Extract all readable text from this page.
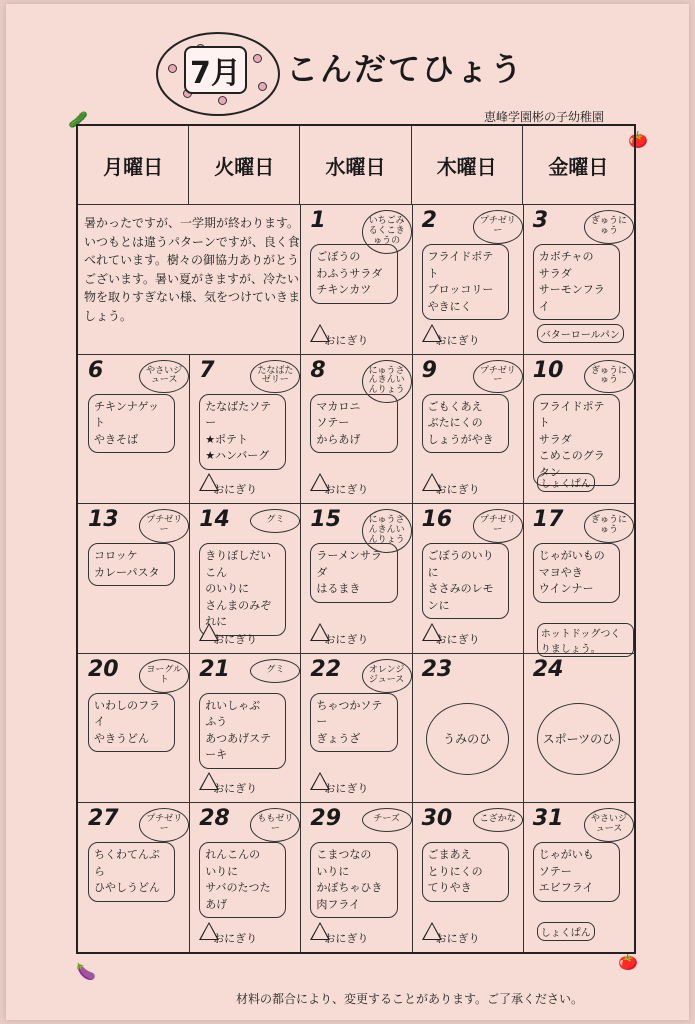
7月 こんだてひょう
恵峰学園彬の子幼稚園
🥒
🍅
🍆
🍅
月曜日	火曜日	水曜日	木曜日	金曜日
1	いちごみるくこきゅうの
ごぼうの
わふうサラダ
チキンカツ
おにぎり
2	プチゼリー
フライドポテト
ブロッコリー
やきにく
おにぎり
3	ぎゅうにゅう
カボチャの
サラダ
サーモンフライ
バターロールパン
6	やさいジュース
チキンナゲット
やきそば
7	たなばたゼリー
たなばたソテー
★ポテト
★ハンバーグ
おにぎり
8	にゅうさんきんいんりょう
マカロニ
ソテー
からあげ
おにぎり
9	プチゼリー
ごもくあえ
ぶたにくの
しょうがやき
おにぎり
10	ぎゅうにゅう
フライドポテト
サラダ
こめこのグラタン
しょくぱん
13	プチゼリー
コロッケ
カレーパスタ
14	グミ
きりぼしだいこん
のいりに
さんまのみぞれに
おにぎり
15	にゅうさんきんいんりょう
ラーメンサラダ
はるまき
おにぎり
16	プチゼリー
ごぼうのいりに
ささみのレモンに
おにぎり
17	ぎゅうにゅう
じゃがいもの
マヨやき
ウインナー
ホットドッグつくりましょう。
20	ヨーグルト
いわしのフライ
やきうどん
21	グミ
れいしゃぶ
ふう
あつあげステーキ
おにぎり
22	オレンジジュース
ちゃつかソテー
ぎょうざ
おにぎり
23
うみのひ
24
スポーツのひ
27	プチゼリー
ちくわてんぷら
ひやしうどん
28	ももゼリー
れんこんの
いりに
サバのたつたあげ
おにぎり
29	チーズ
こまつなの
いりに
かぼちゃひき肉フライ
おにぎり
30	こざかな
ごまあえ
とりにくの
てりやき
おにぎり
31	やさいジュース
じゃがいも
ソテー
エビフライ
しょくぱん
暑かったですが、一学期が終わります。いつもとは違うパターンですが、良く食べれています。樹々の御協力ありがとうございます。暑い夏がきますが、冷たい物を取りすぎない様、気をつけていきましょう。
材料の都合により、変更することがあります。ご了承ください。
